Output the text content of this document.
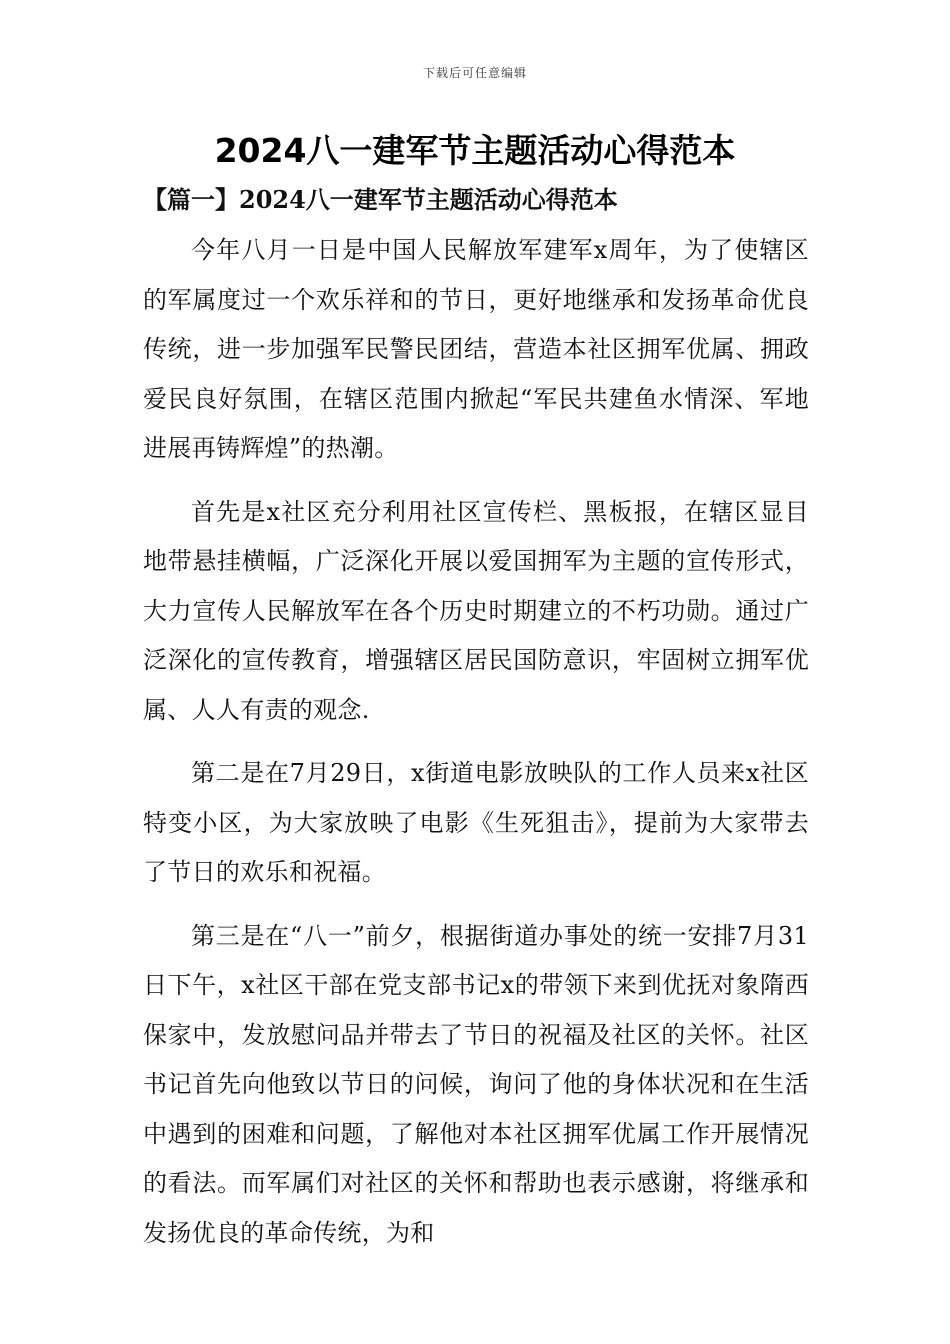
下载后可任意编辑
2024八一建军节主题活动心得范本
【篇一】2024八一建军节主题活动心得范本

今年八月一日是中国人民解放军建军x周年，为了使辖区的军属度过一个欢乐祥和的节日，更好地继承和发扬革命优良传统，进一步加强军民警民团结，营造本社区拥军优属、拥政爱民良好氛围，在辖区范围内掀起“军民共建鱼水情深、军地进展再铸辉煌”的热潮。

首先是x社区充分利用社区宣传栏、黑板报，在辖区显目地带悬挂横幅，广泛深化开展以爱国拥军为主题的宣传形式，大力宣传人民解放军在各个历史时期建立的不朽功勋。通过广泛深化的宣传教育，增强辖区居民国防意识，牢固树立拥军优属、人人有责的观念.

第二是在7月29日，x街道电影放映队的工作人员来x社区特变小区，为大家放映了电影《生死狙击》，提前为大家带去了节日的欢乐和祝福。

第三是在“八一”前夕，根据街道办事处的统一安排7月31日下午，x社区干部在党支部书记x的带领下来到优抚对象隋西保家中，发放慰问品并带去了节日的祝福及社区的关怀。社区书记首先向他致以节日的问候，询问了他的身体状况和在生活中遇到的困难和问题，了解他对本社区拥军优属工作开展情况的看法。而军属们对社区的关怀和帮助也表示感谢，将继承和发扬优良的革命传统，为和
